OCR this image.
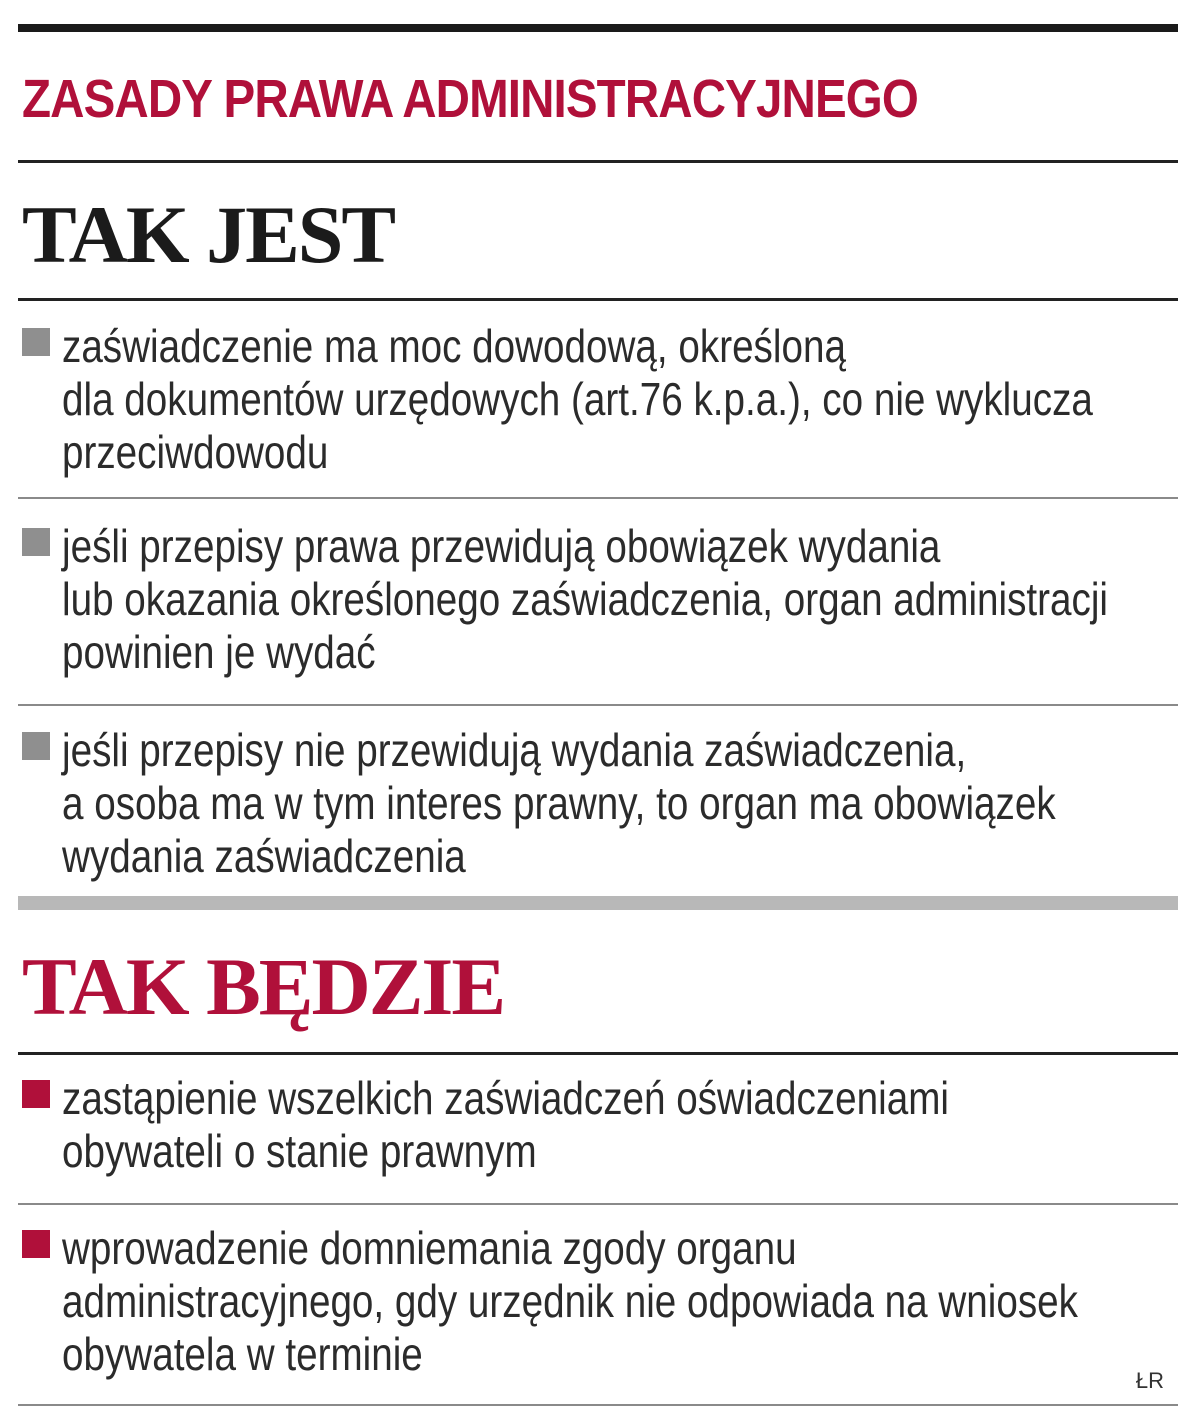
ZASADY PRAWA ADMINISTRACYJNEGO
TAK JEST

zaświadczenie ma moc dowodową, określoną
dla dokumentów urzędowych (art.76 k.p.a.), co nie wyklucza
przeciwdowodu

jeśli przepisy prawa przewidują obowiązek wydania
lub okazania określonego zaświadczenia, organ administracji
powinien je wydać

jeśli przepisy nie przewidują wydania zaświadczenia,
a osoba ma w tym interes prawny, to organ ma obowiązek
wydania zaświadczenia

TAK BĘDZIE

zastąpienie wszelkich zaświadczeń oświadczeniami
obywateli o stanie prawnym

wprowadzenie domniemania zgody organu
administracyjnego, gdy urzędnik nie odpowiada na wniosek
obywatela w terminie

ŁR
